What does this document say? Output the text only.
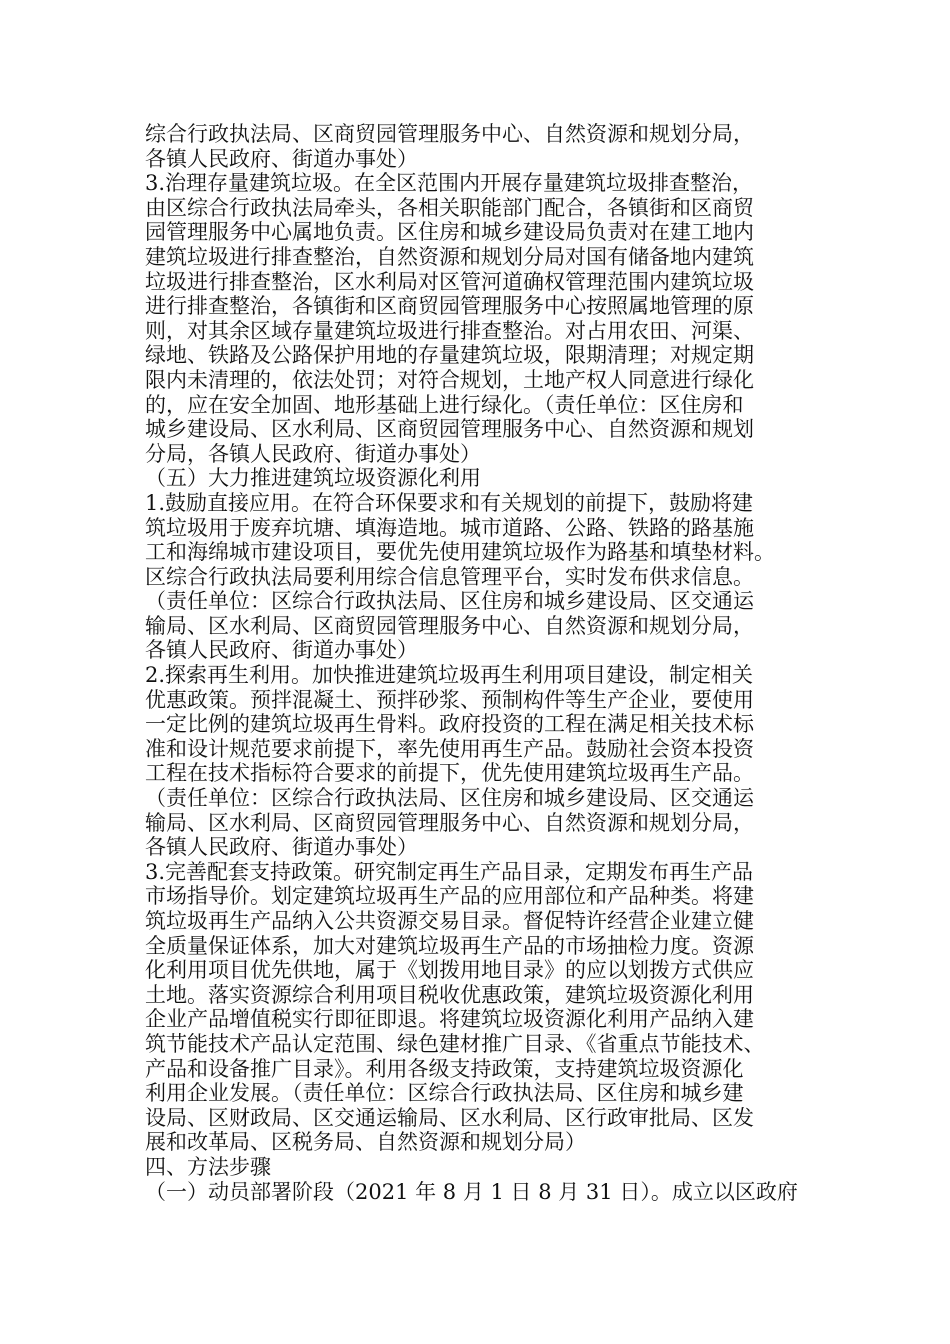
综合行政执法局、区商贸园管理服务中心、自然资源和规划分局，
各镇人民政府、街道办事处）
3.治理存量建筑垃圾。在全区范围内开展存量建筑垃圾排查整治，
由区综合行政执法局牵头，各相关职能部门配合，各镇街和区商贸
园管理服务中心属地负责。区住房和城乡建设局负责对在建工地内
建筑垃圾进行排查整治，自然资源和规划分局对国有储备地内建筑
垃圾进行排查整治，区水利局对区管河道确权管理范围内建筑垃圾
进行排查整治，各镇街和区商贸园管理服务中心按照属地管理的原
则，对其余区域存量建筑垃圾进行排查整治。对占用农田、河渠、
绿地、铁路及公路保护用地的存量建筑垃圾，限期清理；对规定期
限内未清理的，依法处罚；对符合规划，土地产权人同意进行绿化
的，应在安全加固、地形基础上进行绿化。（责任单位：区住房和
城乡建设局、区水利局、区商贸园管理服务中心、自然资源和规划
分局，各镇人民政府、街道办事处）
（五）大力推进建筑垃圾资源化利用
1.鼓励直接应用。在符合环保要求和有关规划的前提下，鼓励将建
筑垃圾用于废弃坑塘、填海造地。城市道路、公路、铁路的路基施
工和海绵城市建设项目，要优先使用建筑垃圾作为路基和填垫材料。
区综合行政执法局要利用综合信息管理平台，实时发布供求信息。
（责任单位：区综合行政执法局、区住房和城乡建设局、区交通运
输局、区水利局、区商贸园管理服务中心、自然资源和规划分局，
各镇人民政府、街道办事处）
2.探索再生利用。加快推进建筑垃圾再生利用项目建设，制定相关
优惠政策。预拌混凝土、预拌砂浆、预制构件等生产企业，要使用
一定比例的建筑垃圾再生骨料。政府投资的工程在满足相关技术标
准和设计规范要求前提下，率先使用再生产品。鼓励社会资本投资
工程在技术指标符合要求的前提下，优先使用建筑垃圾再生产品。
（责任单位：区综合行政执法局、区住房和城乡建设局、区交通运
输局、区水利局、区商贸园管理服务中心、自然资源和规划分局，
各镇人民政府、街道办事处）
3.完善配套支持政策。研究制定再生产品目录，定期发布再生产品
市场指导价。划定建筑垃圾再生产品的应用部位和产品种类。将建
筑垃圾再生产品纳入公共资源交易目录。督促特许经营企业建立健
全质量保证体系，加大对建筑垃圾再生产品的市场抽检力度。资源
化利用项目优先供地，属于《划拨用地目录》的应以划拨方式供应
土地。落实资源综合利用项目税收优惠政策，建筑垃圾资源化利用
企业产品增值税实行即征即退。将建筑垃圾资源化利用产品纳入建
筑节能技术产品认定范围、绿色建材推广目录、《省重点节能技术、
产品和设备推广目录》。利用各级支持政策，支持建筑垃圾资源化
利用企业发展。（责任单位：区综合行政执法局、区住房和城乡建
设局、区财政局、区交通运输局、区水利局、区行政审批局、区发
展和改革局、区税务局、自然资源和规划分局）
四、方法步骤
（一）动员部署阶段（2021 年 8 月 1 日 8 月 31 日）。成立以区政府
